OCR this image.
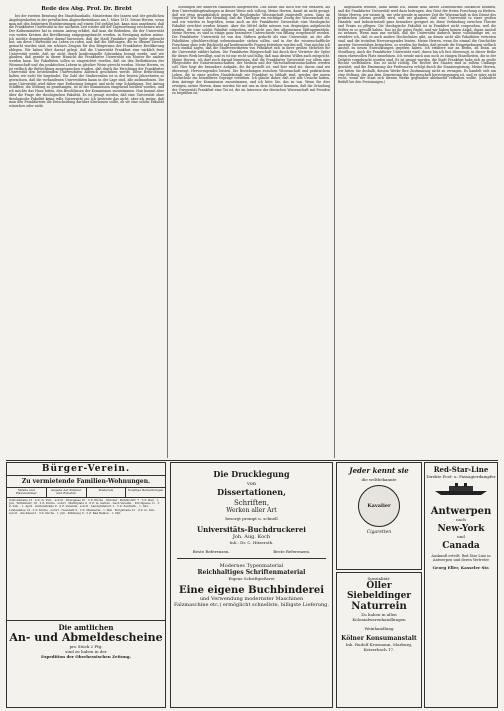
Rede des Abg. Prof. Dr. Brebt

bei der zweiten Beratung des Staatshaushalts, Ministerium des Innern und der geistlichen Angelegenheiten in der preußischen Abgeordnetenhaus am 1. März 1913. Meine Herren, wenn man mit den bisherigen Etatsberatungen auf einem Teil gefolgt hat, kann man annehmen, daß die Frankfurter Universität in der nächsten Zeit wieder auf der Tagesordnung erscheinen wird. Der Kultusminister hat in seinem Antrag erklärt, daß man die Bedenken, die der Universität von weiten Kreisen der Bevölkerung entgegengebracht werden, in Erwägung ziehen müsse. Ich möchte demgegenüber darauf hinweisen, daß die Stadt Frankfurt große Opfer gebracht hat, um diese Universität ins Leben zu rufen, und daß die Stiftungen, die zu diesem Zwecke gemacht worden sind, ein schönes Zeugnis für den Bürgersinn der Frankfurter Bevölkerung ablegen. Wir haben Wert darauf gelegt, daß die Universität Frankfurt eine wirklich freie Universität werde, daß sie nicht durch konfessionelle Schranken beengt werde, und wir glauben, daß gerade in dieser Hinsicht die Frankfurter Universität ein Muster für andere werden kann. Die Fakultäten sollen so eingerichtet werden, daß sie den Bedürfnissen der Wissenschaft und des praktischen Lebens in gleicher Weise gerecht werden. Meine Herren, es ist vielfach die Befürchtung ausgesprochen worden, daß durch die Errichtung der Frankfurter Universität den bestehenden Universitäten Abbruch geschehen werde. Diese Befürchtung halten wir nicht für begründet. Die Zahl der Studierenden ist in den letzten Jahrzehnten so gewachsen, daß die vorhandenen Universitäten kaum in der Lage sind, alle aufzunehmen. Die neue Universität wird daher eine Entlastung bringen und nicht eine Schädigung. Der Antrag Schiffner, die Stiftung zu genehmigen, ist in der Kommission eingehend beraten worden, und ich möchte das Haus bitten, den Beschlüssen der Kommission zuzustimmen. Nun kommt aber über die Frage der theologischen Fakultät. Es ist gesagt worden, daß eine Universität ohne theologische Fakultät keine volle Universität sei. Ich bestreite das nicht, aber ich meine, daß man den Frankfurtern die Entscheidung darüber überlassen sollte, ob sie eine solche Fakultät wünschen oder nicht.

Stiftungen der anderen Fakultäten ausgeworfen. Das bleibt uns doch wie wir erfahren, als dem Universitätsgründungen in dieser Weise sich vollzog. Meine Herren, damit ist nicht gesagt, daß wir etwa grundsätzlich gegen die theologische Wissenschaft eingestellt seien. Ganz im Gegenteil! Wir sind der Meinung, daß die Theologie ein wichtiger Zweig der Wissenschaft ist, und wir würden es begrüßen, wenn auch an der Frankfurter Universität eine theologische Fakultät errichtet werden könnte. Aber die Mittel dafür müssen von denjenigen aufgebracht werden, die eine solche Fakultät wünschen, und nicht aus den allgemeinen Stiftungsmitteln. Meine Herren, es sind in einige ganz besondere Unterschiede von Belang vorgebracht worden. Die Frankfurter Universität ist von den Stiftern gedacht als eine Universität, an der alle Fakultäten gleichberechtigt nebeneinander stehen sollen, und in der die wissenschaftliche Forschung ohne jede Rücksicht auf konfessionelle Fragen betrieben werden soll. Nun möchte ich noch einmal sagen, daß die Stadtverordneten von Frankfurt sich in ihrer großen Mehrheit für die Universität erklärt haben. Die Frankfurter Bürgerschaft hat durch ihre Vertreter die Opfer für dieses Werk bewilligt, und es ist nur recht und billig, daß man diesem Willen auch entspricht. Meine Herren, ich darf noch darauf hinweisen, daß die Frankfurter Universität vor allem eine Pflegestätte der Naturwissenschaften, der Medizin und der Wirtschaftswissenschaften werden soll. Hier liegt die besondere Aufgabe, die ihr gestellt ist, und hier wird sie, davon sind wir überzeugt, Hervorragendes leisten. Die Beziehungen zwischen Wissenschaft und praktischem Leben, die in einer großen Handelsstadt wie Frankfurt so lebhaft sind, werden der neuen Hochschule ein besonderes Gepräge verleihen. Ich glaube daher, daß wir alle Ursache haben, dem Antrage der Kommission zuzustimmen, und ich bitte Sie, das zu tun. Wenn Sie dies erwägen, meine Herren, dann werden Sie mit uns zu dem Schlusse kommen, daß die Gründung der Universität Frankfurt eine Tat ist, die im Interesse der deutschen Wissenschaft mit Freuden zu begrüßen ist.

abgehalten wurden, dann meine ich, darauf muß dieses Zeitbedürfnis Rücksicht nehmen, und die Frankfurter Universität wird dazu beitragen, den Geist der freien Forschung zu fördern. Meine Herren, wir wissen ja, wie sehr gerade in unserer Zeit die Wissenschaft in den Dienst des praktischen Lebens gestellt wird, und wir glauben, daß eine Universität in einer großen Handels- und Industriestadt ganz besonders geeignet ist, diese Verbindung zwischen Theorie und Praxis zu pflegen. Die theologische Fakultät ist in Frankfurt nicht vorgesehen, weil die Stifter es so gewollt haben. Das ist ihr gutes Recht, und wir haben keinen Anlaß, daran Anstoß zu nehmen. Wenn man uns vorhält, daß die Universität dadurch keine vollständige sei, so erwidere ich, daß es auch andere Hochschulen gibt, an denen nicht alle Fakultäten vertreten sind, und die trotzdem Hervorragendes leisten. Meine Herren, wenn Sie einmal die Geschichte unserer Universitäten betrachten, so werden Sie finden, daß gerade die Neugründungen vielfach Anstoß zu neuen Entwicklungen gegeben haben. Ich erinnere nur an Berlin, an Bonn, an Straßburg. Auch die Frankfurter Universität wird, davon bin ich fest überzeugt, in dieser Reihe einen ehrenvollen Platz einnehmen. Ich wende mich nun noch zu einigen Einzelheiten, die in der Debatte vorgebracht worden sind. Es ist gesagt worden, die Stadt Frankfurt habe sich zu große Rechte vorbehalten. Das ist nicht richtig. Die Rechte des Staates sind in vollem Umfange gewahrt, und die Ernennung der Professoren erfolgt durch die Staatsregierung. Meine Herren, wir bitten Sie deshalb, diesem Werke Ihre Zustimmung nicht zu versagen. Es handelt sich um eine Stiftung, die aus dem Gemeinsinn der Bürgerschaft hervorgegangen ist, und es wäre nicht recht, wenn der Staat sich diesem Werke gegenüber ablehnend verhalten wollte. (Lebhafter Beifall bei den Freisinnigen.)

Bürger-Verein.
Zu vermietende Familien-Wohnungen.
Straße und Hausnummer
Angabe der Zimmer und Zubehör
Mietpreis	Sonstige Bemerkungen
Schloßstraße 13 · 4 Z. m. Zub. · sofort · Obergasse 25 · 3 Z. Küche · Oktober · Bahnhofstr. 7 · 5 Z. Bad · 1. Juli · Wilhelmstr. 18 · 2 Z. Küche · sofort · Marktplatz 4 · 6 Z. m. Garten · nach Vereinb. · Kirchgasse 11 · 3 Z. Zub. · 1. April · Gartenstraße 9 · 4 Z. Veranda · sofort · Landgrafenstr. 2 · 5 Z. Zentralh. · 1. Okt. · Lindenallee 14 · 3 Z. Küche · sofort · Neustadt 6 · 2 Z. Mansarde · 1. Mai · Burgstraße 21 · 4 Z. m. Zub. · sofort · Am Kanal 3 · 3 Z. Küche · 1. Juli · Mühlweg 8 · 5 Z. Bad Balkon · 1. Okt.
Die amtlichen
An- und Abmeldescheine
pro Stück 2 Pfg.
sind zu haben in der
Expedition der Oberhessischen Zeitung.
Die Drucklegung
von
Dissertationen,
Schriften,
Werken aller Art
besorgt prompt u. schnell
Universitäts-Buchdruckerei
Joh. Aug. Koch
Inh.: Dr. C. Hitzeroth.
Beste Referenzen.	Beste Referenzen.
Modernes Typenmaterial
Reichhaltiges Schriftenmaterial
Eigene Schriftgießerei
Eine eigene Buchbinderei
und Verwendung modernster Maschinen
Falzmaschine etc.) ermöglicht schnellste, billigste Lieferung.
Jeder kennt sie
die weltbekannte
Kavalier
Cigaretten
Spezialität:
Oller Siebeldinger
Naturrein
Zu haben in allen Kolonialwarenhandlungen
Weinhandlung
Kölner Konsumanstalt
Inh. Rudolf Krusmann, Marburg, Ketzerbach 17.
Red-Star-Line
Direkte Post- u. Passagierdampfer
Antwerpen
nach
New-York
und
Canada
Auskunft erteilt: Red Star Line in Antwerpen und deren Vertreter
Georg Eller, Kasseler Str.
